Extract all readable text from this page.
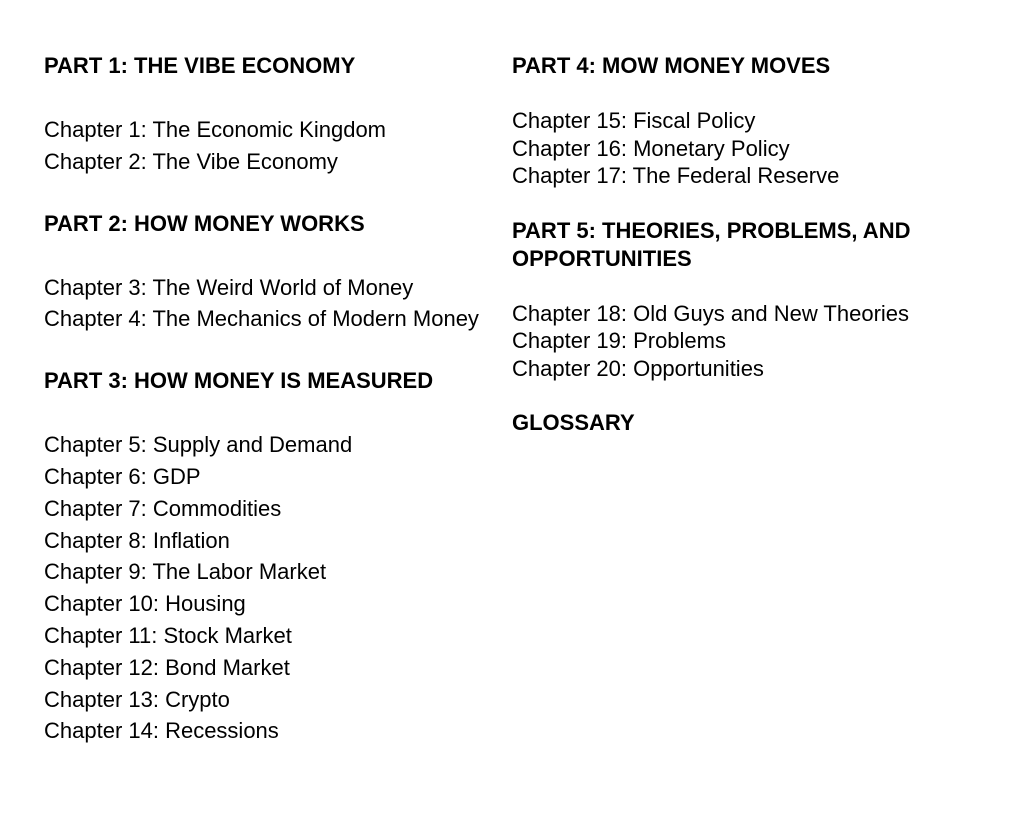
PART 1: THE VIBE ECONOMY
Chapter 1: The Economic Kingdom
Chapter 2: The Vibe Economy
PART 2: HOW MONEY WORKS
Chapter 3: The Weird World of Money
Chapter 4: The Mechanics of Modern Money
PART 3: HOW MONEY IS MEASURED
Chapter 5: Supply and Demand
Chapter 6: GDP
Chapter 7: Commodities
Chapter 8: Inflation
Chapter 9: The Labor Market
Chapter 10: Housing
Chapter 11: Stock Market
Chapter 12: Bond Market
Chapter 13: Crypto
Chapter 14: Recessions
PART 4: MOW MONEY MOVES
Chapter 15: Fiscal Policy
Chapter 16: Monetary Policy
Chapter 17: The Federal Reserve
PART 5: THEORIES, PROBLEMS, AND OPPORTUNITIES
Chapter 18: Old Guys and New Theories
Chapter 19: Problems
Chapter 20: Opportunities
GLOSSARY
